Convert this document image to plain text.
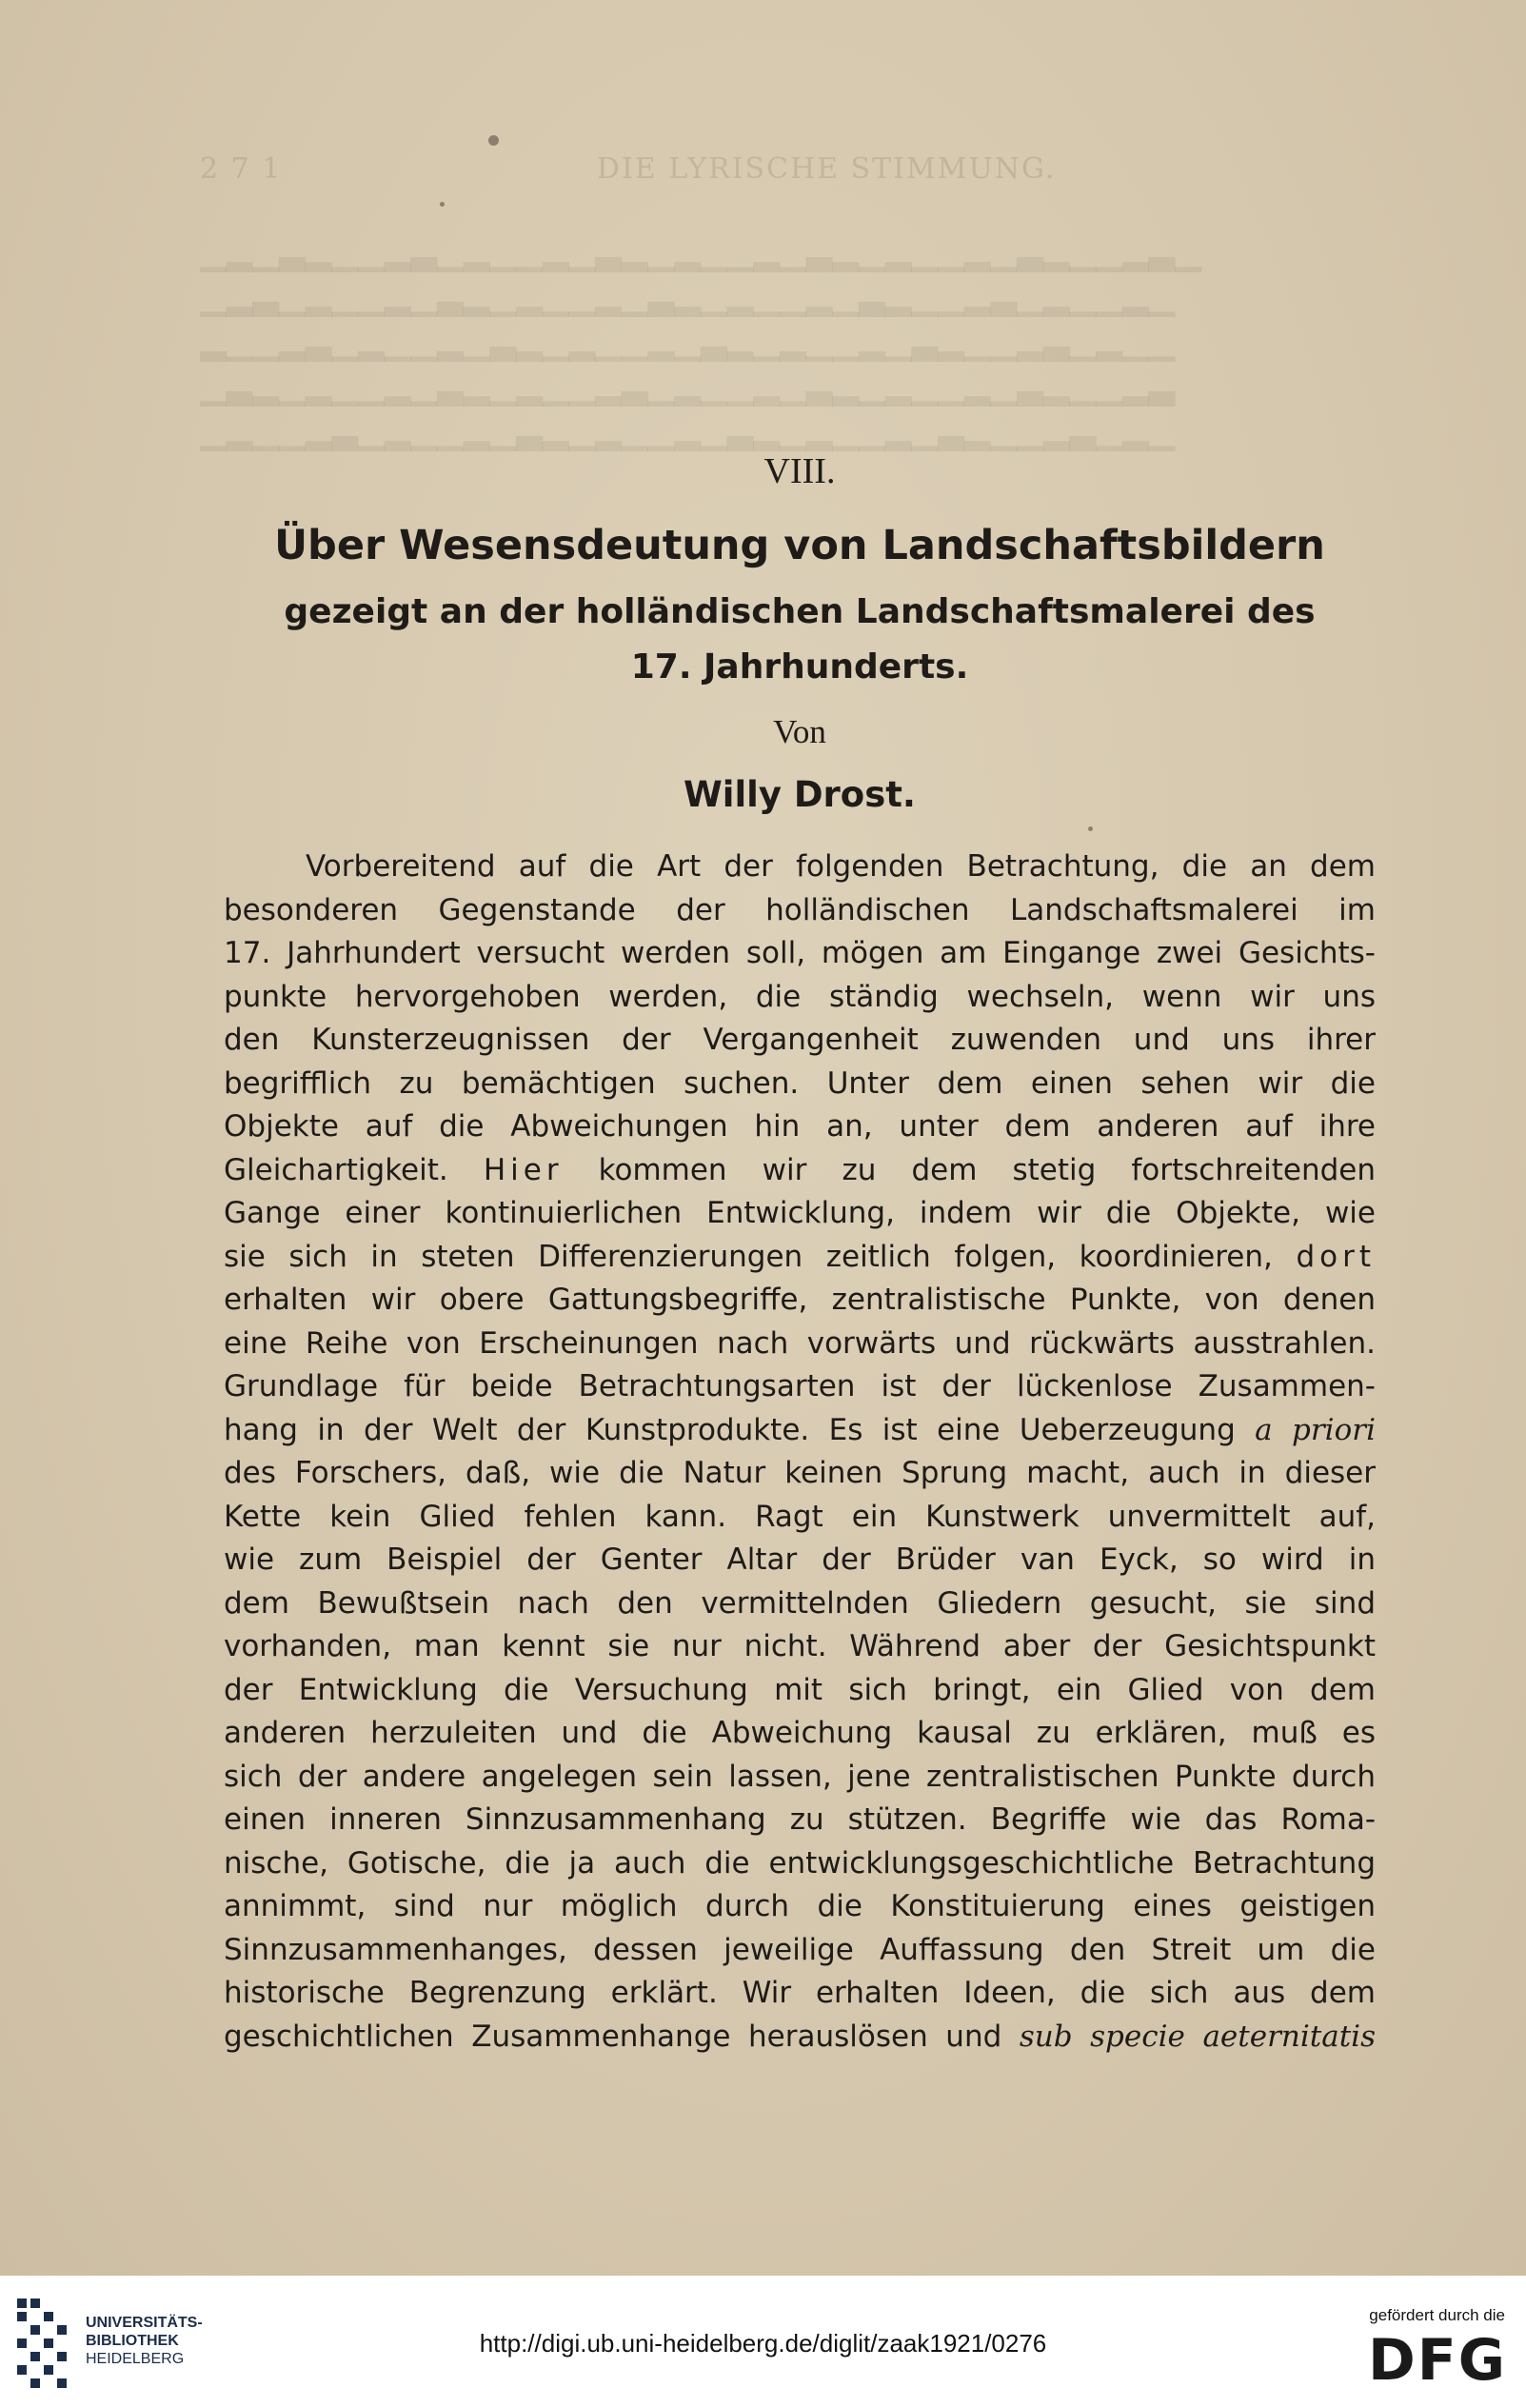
2 7 1	DIE LYRISCHE STIMMUNG.
▁▂▁▃▂▁▁▂▃▁▂▁▁▂▁▃▂▁▂▁▁▂▁▃▂▁▂▁▁▂▁▃▂▁▁▂▃▁
▁▂▃▁▂▁▁▂▁▃▂▁▂▁▁▂▁▃▂▁▂▁▁▂▁▃▂▁▁▂▃▁▂▁▁▂▁
▂▁▁▂▃▁▂▁▁▂▁▃▂▁▂▁▁▂▁▃▂▁▂▁▁▂▁▃▂▁▁▂▃▁▂▁▁
▁▃▂▁▂▁▁▂▁▃▂▁▂▁▁▂▃▁▂▁▁▂▁▃▂▁▂▁▁▂▁▃▂▁▁▂▃
▁▂▁▁▂▃▁▂▁▁▂▁▃▂▁▂▁▁▂▁▃▂▁▂▁▁▂▁▃▂▁▁▂▃▁▂▁
VIII.
Über Wesensdeutung von Landschaftsbildern
gezeigt an der holländischen Landschaftsmalerei des
17. Jahrhunderts.
Von
Willy Drost.
Vorbereitend auf die Art der folgenden Betrachtung, die an dem
besonderen Gegenstande der holländischen Landschaftsmalerei im
17. Jahrhundert versucht werden soll, mögen am Eingange zwei Gesichts-
punkte hervorgehoben werden, die ständig wechseln, wenn wir uns
den Kunsterzeugnissen der Vergangenheit zuwenden und uns ihrer
begrifflich zu bemächtigen suchen. Unter dem einen sehen wir die
Objekte auf die Abweichungen hin an, unter dem anderen auf ihre
Gleichartigkeit. Hier kommen wir zu dem stetig fortschreitenden
Gange einer kontinuierlichen Entwicklung, indem wir die Objekte, wie
sie sich in steten Differenzierungen zeitlich folgen, koordinieren, dort
erhalten wir obere Gattungsbegriffe, zentralistische Punkte, von denen
eine Reihe von Erscheinungen nach vorwärts und rückwärts ausstrahlen.
Grundlage für beide Betrachtungsarten ist der lückenlose Zusammen-
hang in der Welt der Kunstprodukte. Es ist eine Ueberzeugung a priori
des Forschers, daß, wie die Natur keinen Sprung macht, auch in dieser
Kette kein Glied fehlen kann. Ragt ein Kunstwerk unvermittelt auf,
wie zum Beispiel der Genter Altar der Brüder van Eyck, so wird in
dem Bewußtsein nach den vermittelnden Gliedern gesucht, sie sind
vorhanden, man kennt sie nur nicht. Während aber der Gesichtspunkt
der Entwicklung die Versuchung mit sich bringt, ein Glied von dem
anderen herzuleiten und die Abweichung kausal zu erklären, muß es
sich der andere angelegen sein lassen, jene zentralistischen Punkte durch
einen inneren Sinnzusammenhang zu stützen. Begriffe wie das Roma-
nische, Gotische, die ja auch die entwicklungsgeschichtliche Betrachtung
annimmt, sind nur möglich durch die Konstituierung eines geistigen
Sinnzusammenhanges, dessen jeweilige Auffassung den Streit um die
historische Begrenzung erklärt. Wir erhalten Ideen, die sich aus dem
geschichtlichen Zusammenhange herauslösen und sub specie aeternitatis
UNIVERSITÄTS-
BIBLIOTHEK
HEIDELBERG
http://digi.ub.uni-heidelberg.de/diglit/zaak1921/0276
gefördert durch die
DFG
